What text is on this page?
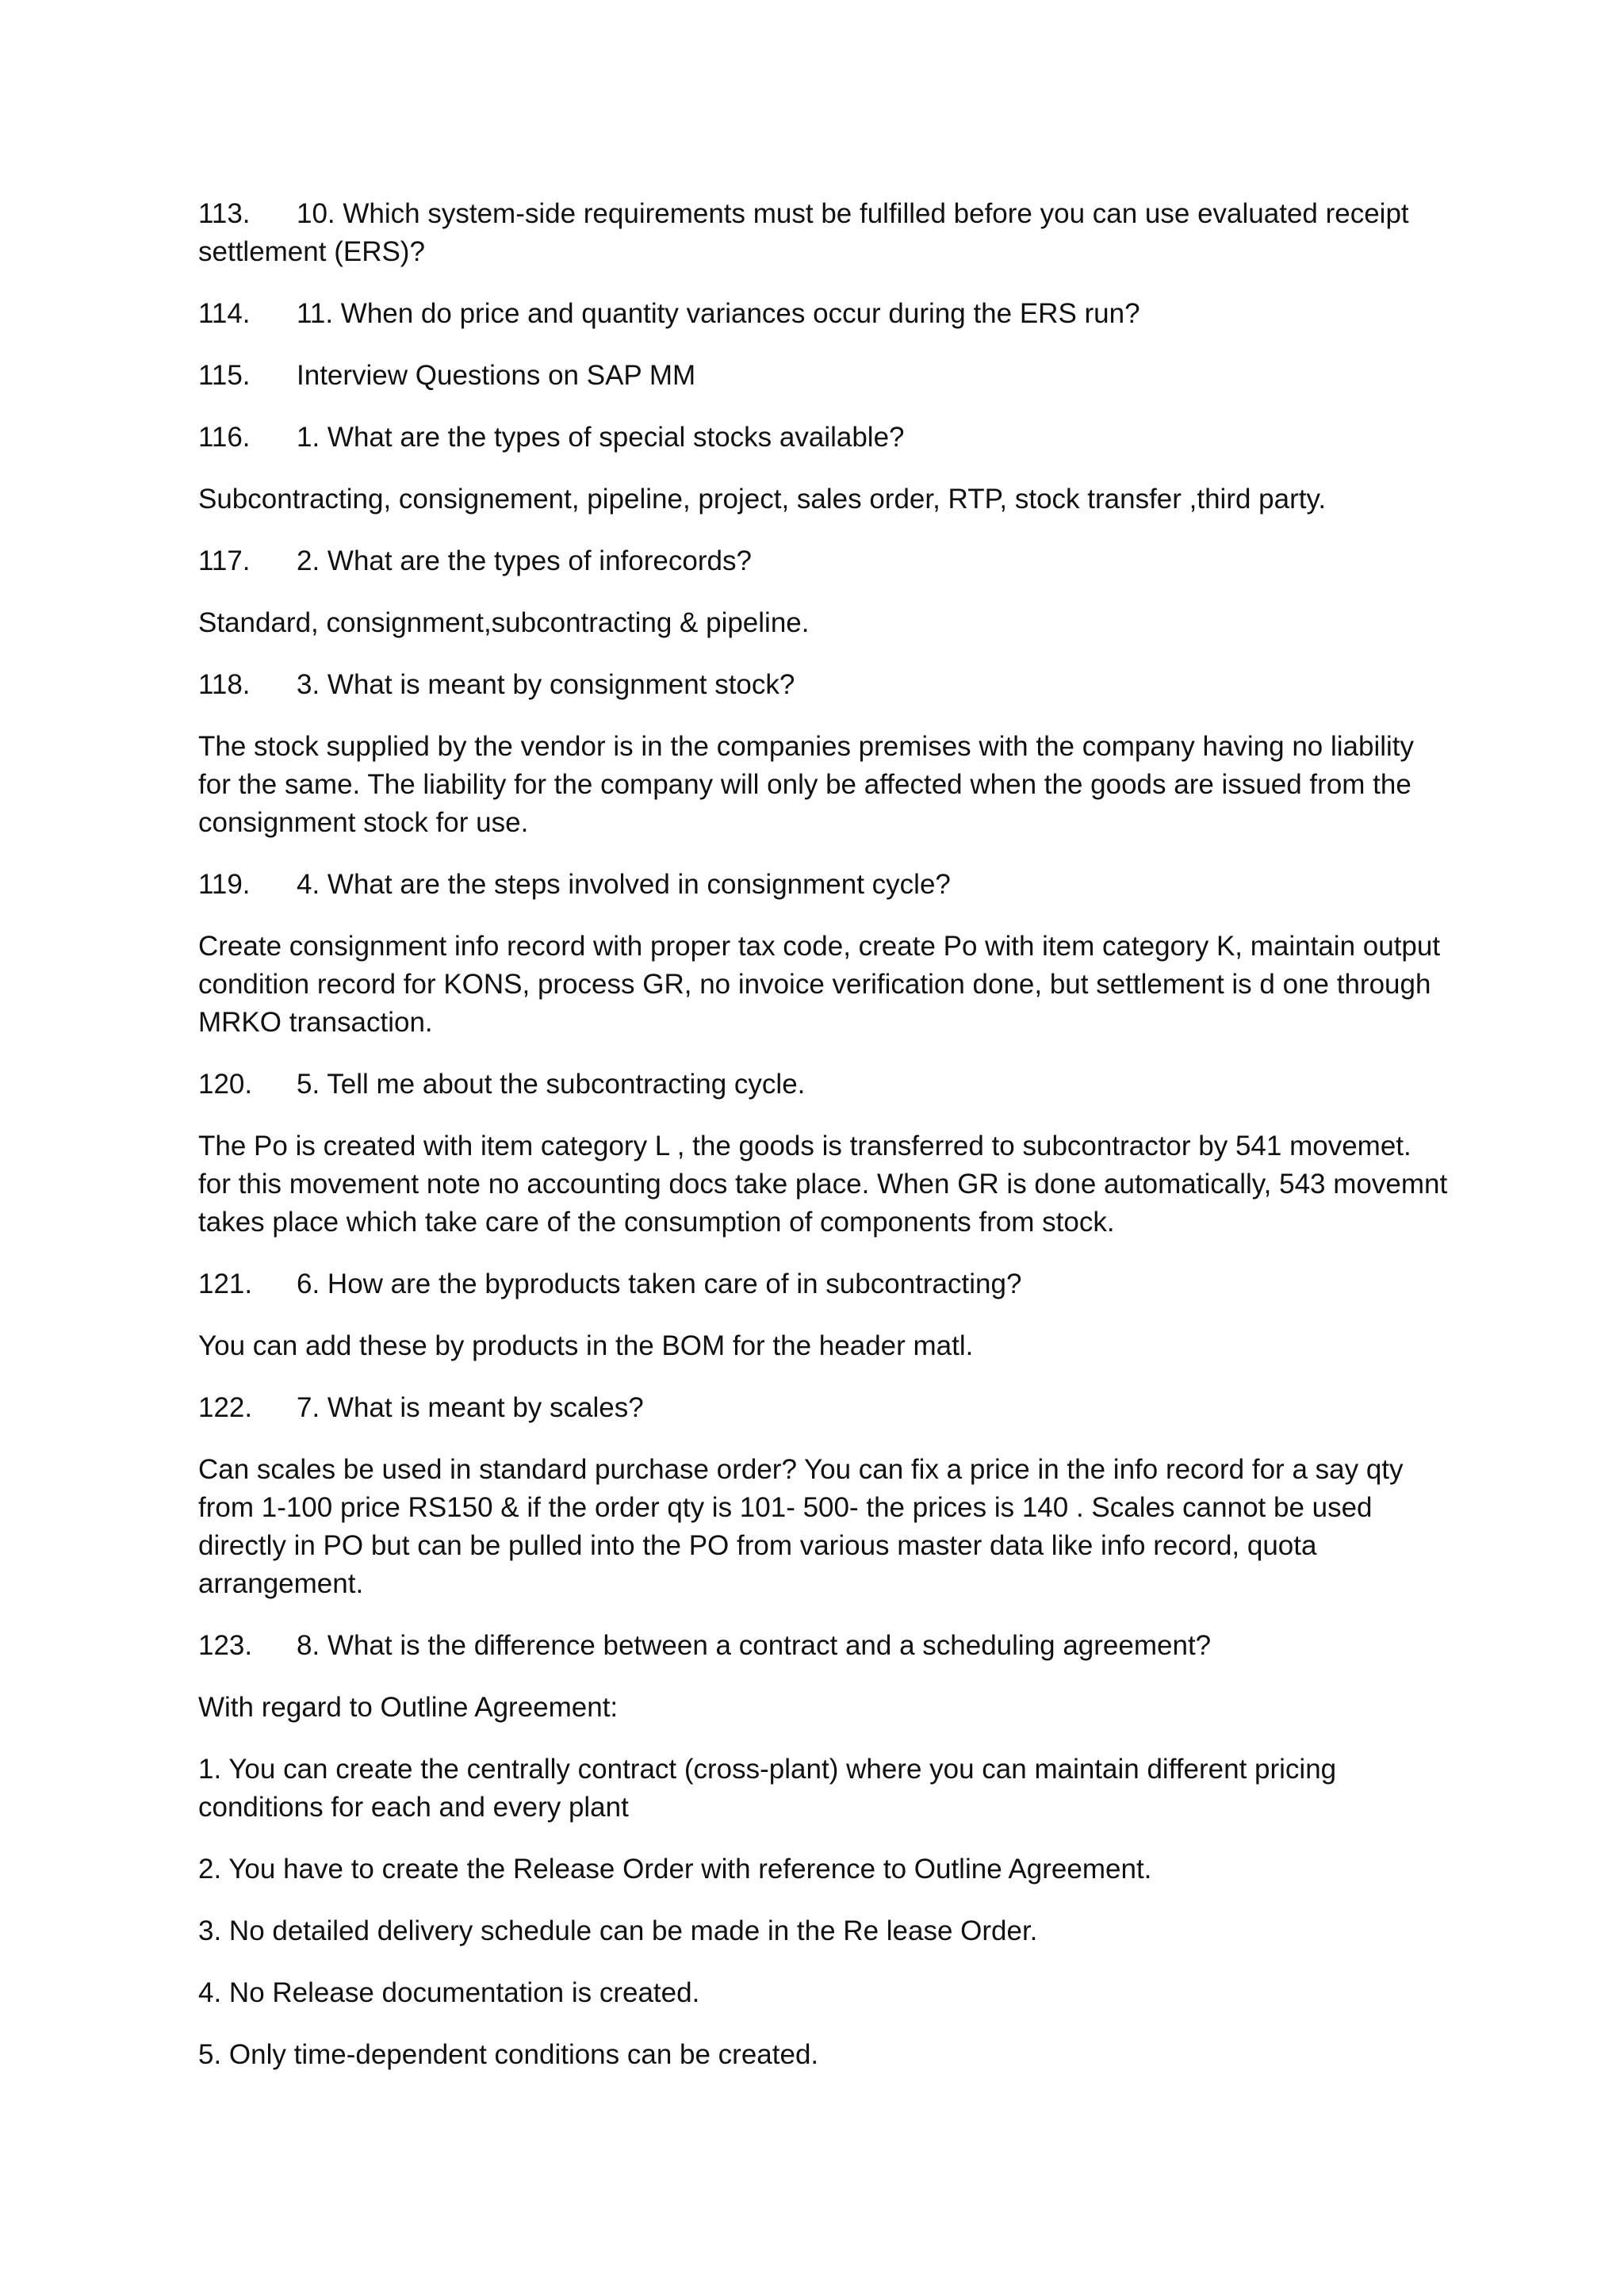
113. 10. Which system-side requirements must be fulfilled before you can use evaluated receipt settlement (ERS)?
114.	11. When do price and quantity variances occur during the ERS run?
115.	Interview Questions on SAP MM
116.	1. What are the types of special stocks available?
Subcontracting, consignement, pipeline, project, sales order, RTP, stock transfer ,third party.
117.	2. What are the types of inforecords?
Standard, consignment,subcontracting & pipeline.
118.	3. What is meant by consignment stock?
The stock supplied by the vendor is in the companies premises with the company having no liability for the same. The liability for the company will only be affected when the goods are issued from the consignment stock for use.
119.	4. What are the steps involved in consignment cycle?
Create consignment info record with proper tax code, create Po with item category K, maintain output condition record for KONS, process GR, no invoice verification done, but settlement is d one through MRKO transaction.
120.	5. Tell me about the subcontracting cycle.
The Po is created with item category L , the goods is transferred to subcontractor by 541 movemet. for this movement note no accounting docs take place. When GR is done automatically, 543 movemnt takes place which take care of the consumption of components from stock.
121.	6. How are the byproducts taken care of in subcontracting?
You can add these by products in the BOM for the header matl.
122.	7. What is meant by scales?
Can scales be used in standard purchase order? You can fix a price in the info record for a say qty from 1-100 price RS150 & if the order qty is 101- 500- the prices is 140 . Scales cannot be used directly in PO but can be pulled into the PO from various master data like info record, quota arrangement.
123.	8. What is the difference between a contract and a scheduling agreement?
With regard to Outline Agreement:
1. You can create the centrally contract (cross-plant) where you can maintain different pricing conditions for each and every plant
2. You have to create the Release Order with reference to Outline Agreement.
3. No detailed delivery schedule can be made in the Re lease Order.
4. No Release documentation is created.
5. Only time-dependent conditions can be created.
